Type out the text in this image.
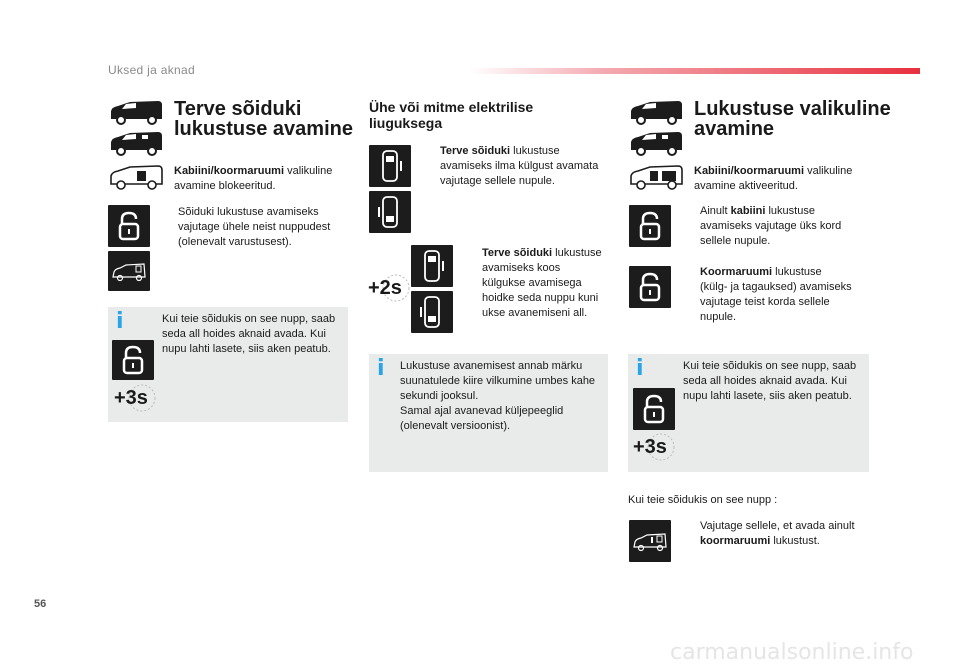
Uksed ja aknad
Terve sõiduki
lukustuse avamine
Kabiini/koormaruumi valikuline
avamine blokeeritud.
Sõiduki lukustuse avamiseks
vajutage ühele neist nuppudest
(olenevalt varustusest).
i
+3s
Kui teie sõidukis on see nupp, saab
seda all hoides aknaid avada. Kui
nupu lahti lasete, siis aken peatub.
Ühe või mitme elektrilise
liuguksega
Terve sõiduki lukustuse
avamiseks ilma külgust avamata
vajutage sellele nupule.
+2s
Terve sõiduki lukustuse
avamiseks koos
külgukse avamisega
hoidke seda nuppu kuni
ukse avanemiseni all.
i Lukustuse avanemisest annab märku
suunatulede kiire vilkumine umbes kahe
sekundi jooksul.
Samal ajal avanevad küljepeeglid
(olenevalt versioonist).
Lukustuse valikuline
avamine
Kabiini/koormaruumi valikuline
avamine aktiveeritud.
Ainult kabiini lukustuse
avamiseks vajutage üks kord
sellele nupule.
Koormaruumi lukustuse
(külg- ja tagauksed) avamiseks
vajutage teist korda sellele
nupule.
i
+3s
Kui teie sõidukis on see nupp, saab
seda all hoides aknaid avada. Kui
nupu lahti lasete, siis aken peatub.
Kui teie sõidukis on see nupp :
Vajutage sellele, et avada ainult
koormaruumi lukustust.
56
carmanualsonline.info
